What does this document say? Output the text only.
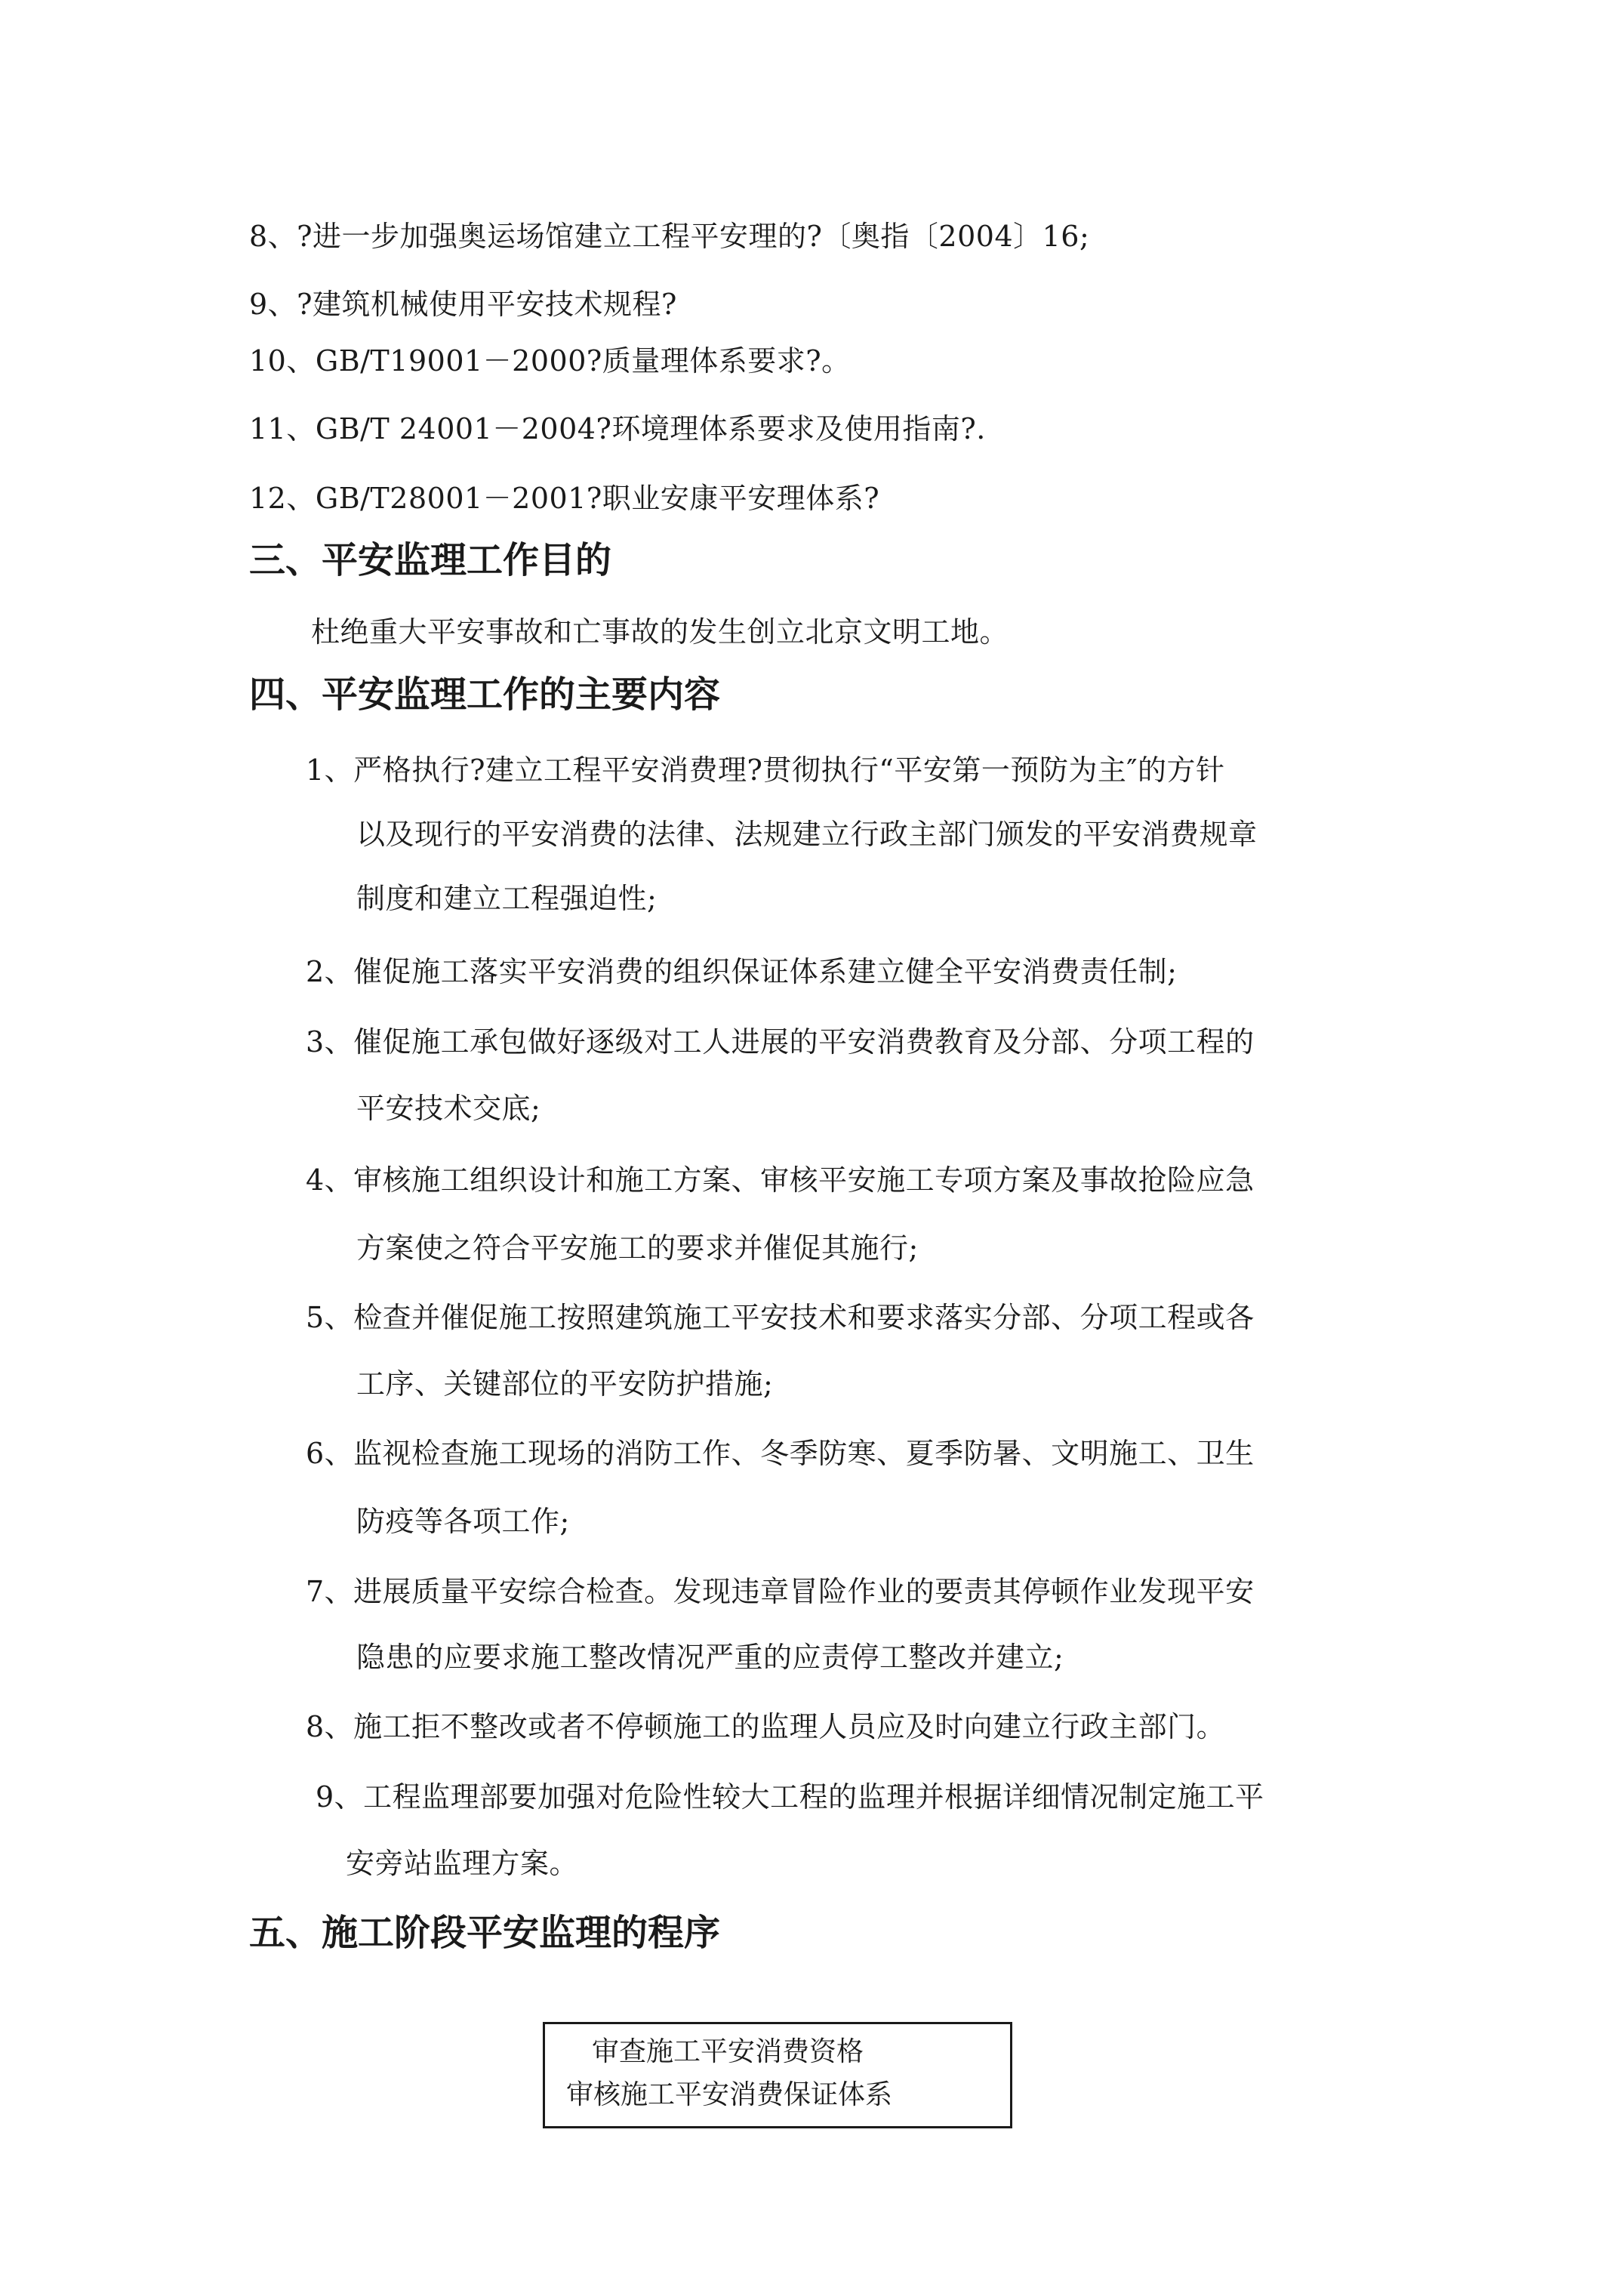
8、?进一步加强奥运场馆建立工程平安理的?〔奥指〔2004〕16;
9、?建筑机械使用平安技术规程?
10、GB/T19001－2000?质量理体系要求?。
11、GB/T 24001－2004?环境理体系要求及使用指南?.
12、GB/T28001－2001?职业安康平安理体系?
三、平安监理工作目的
杜绝重大平安事故和亡事故的发生创立北京文明工地。
四、平安监理工作的主要内容
1、严格执行?建立工程平安消费理?贯彻执行“平安第一预防为主″的方针
以及现行的平安消费的法律、法规建立行政主部门颁发的平安消费规章
制度和建立工程强迫性;
2、催促施工落实平安消费的组织保证体系建立健全平安消费责任制;
3、催促施工承包做好逐级对工人进展的平安消费教育及分部、分项工程的
平安技术交底;
4、审核施工组织设计和施工方案、审核平安施工专项方案及事故抢险应急
方案使之符合平安施工的要求并催促其施行;
5、检查并催促施工按照建筑施工平安技术和要求落实分部、分项工程或各
工序、关键部位的平安防护措施;
6、监视检查施工现场的消防工作、冬季防寒、夏季防暑、文明施工、卫生
防疫等各项工作;
7、进展质量平安综合检查。发现违章冒险作业的要责其停顿作业发现平安
隐患的应要求施工整改情况严重的应责停工整改并建立;
8、施工拒不整改或者不停顿施工的监理人员应及时向建立行政主部门。
9、工程监理部要加强对危险性较大工程的监理并根据详细情况制定施工平
安旁站监理方案。
五、施工阶段平安监理的程序
审查施工平安消费资格
审核施工平安消费保证体系
